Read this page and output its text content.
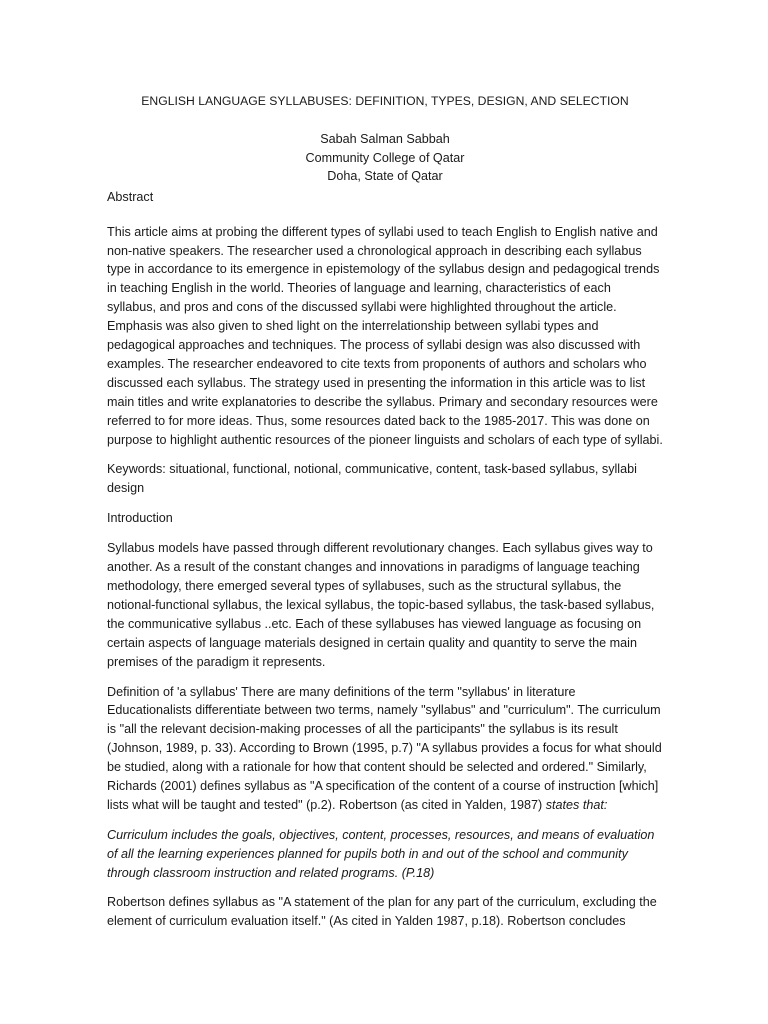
ENGLISH LANGUAGE SYLLABUSES: DEFINITION, TYPES, DESIGN, AND SELECTION
Sabah Salman Sabbah
Community College of Qatar
Doha, State of Qatar
Abstract

This article aims at probing the different types of syllabi used to teach English to English native and non-native speakers. The researcher used a chronological approach in describing each syllabus type in accordance to its emergence in epistemology of the syllabus design and pedagogical trends in teaching English in the world. Theories of language and learning, characteristics of each syllabus, and pros and cons of the discussed syllabi were highlighted throughout the article. Emphasis was also given to shed light on the interrelationship between syllabi types and pedagogical approaches and techniques. The process of syllabi design was also discussed with examples. The researcher endeavored to cite texts from proponents of authors and scholars who discussed each syllabus. The strategy used in presenting the information in this article was to list main titles and write explanatories to describe the syllabus. Primary and secondary resources were referred to for more ideas. Thus, some resources dated back to the 1985-2017. This was done on purpose to highlight authentic resources of the pioneer linguists and scholars of each type of syllabi.

Keywords: situational, functional, notional, communicative, content, task-based syllabus, syllabi design

Introduction

Syllabus models have passed through different revolutionary changes. Each syllabus gives way to another. As a result of the constant changes and innovations in paradigms of language teaching methodology, there emerged several types of syllabuses, such as the structural syllabus, the notional-functional syllabus, the lexical syllabus, the topic-based syllabus, the task-based syllabus, the communicative syllabus ..etc. Each of these syllabuses has viewed language as focusing on certain aspects of language materials designed in certain quality and quantity to serve the main premises of the paradigm it represents.

Definition of 'a syllabus' There are many definitions of the term "syllabus' in literature Educationalists differentiate between two terms, namely "syllabus" and "curriculum". The curriculum is "all the relevant decision-making processes of all the participants" the syllabus is its result (Johnson, 1989, p. 33). According to Brown (1995, p.7) "A syllabus provides a focus for what should be studied, along with a rationale for how that content should be selected and ordered." Similarly, Richards (2001) defines syllabus as "A specification of the content of a course of instruction [which] lists what will be taught and tested" (p.2). Robertson (as cited in Yalden, 1987) states that:

Curriculum includes the goals, objectives, content, processes, resources, and means of evaluation of all the learning experiences planned for pupils both in and out of the school and community through classroom instruction and related programs. (P.18)

Robertson defines syllabus as "A statement of the plan for any part of the curriculum, excluding the element of curriculum evaluation itself." (As cited in Yalden 1987, p.18). Robertson concludes
